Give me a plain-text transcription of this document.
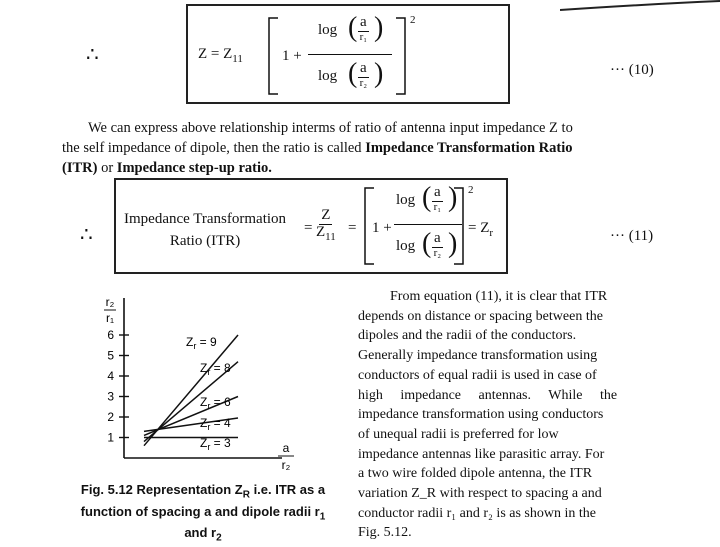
∴	$Z = Z_{11}$	1 +
log ( a
r₁ )
log ( a
r₂ )
2
··· (10)
We can express above relationship interms of ratio of antenna input impedance Z to
the self impedance of dipole, then the ratio is called Impedance Transformation Ratio
(ITR) or Impedance step-up ratio.
∴
Impedance Transformation
Ratio (ITR)
= $\frac{Z}{Z_{11}} = 1$ +
log ( a
r₁ )
log ( a
r₂ )
2
= $Z_r$	··· (11)
1
2
3
4
5
6
r₂
r₁
a
r₂
$Z_r = 9$
$Z_r = 8$
$Z_r = 6$
$Z_r = 4$
$Z_r = 3$
Fig. 5.12 Representation $Z_R$ i.e. ITR as a
function of spacing a and dipole radii $r_1$
and $r_2$
From equation (11), it is clear that ITR
depends on distance or spacing between the
dipoles and the radii of the conductors.
Generally impedance transformation using
conductors of equal radii is used in case of
high impedance antennas. While the
impedance transformation using conductors
of unequal radii is preferred for low
impedance antennas like parasitic array. For
a two wire folded dipole antenna, the ITR
variation Z_R with respect to spacing a and
conductor radii r₁ and r₂ is as shown in the
Fig. 5.12.
